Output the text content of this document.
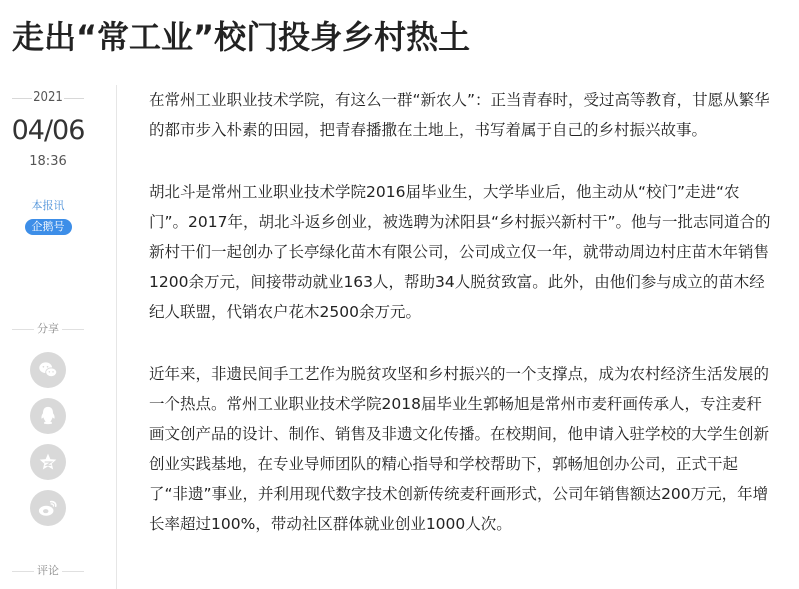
走出“常工业”校门投身乡村热土
2021
04/06
18:36
本报讯
企鹅号
分享
评论

在常州工业职业技术学院，有这么一群“新农人”：正当青春时，受过高等教育，甘愿从繁华的都市步入朴素的田园，把青春播撒在土地上，书写着属于自己的乡村振兴故事。

胡北斗是常州工业职业技术学院2016届毕业生，大学毕业后，他主动从“校门”走进“农门”。2017年，胡北斗返乡创业，被选聘为沭阳县“乡村振兴新村干”。他与一批志同道合的新村干们一起创办了长亭绿化苗木有限公司，公司成立仅一年，就带动周边村庄苗木年销售1200余万元，间接带动就业163人，帮助34人脱贫致富。此外，由他们参与成立的苗木经纪人联盟，代销农户花木2500余万元。

近年来，非遗民间手工艺作为脱贫攻坚和乡村振兴的一个支撑点，成为农村经济生活发展的一个热点。常州工业职业技术学院2018届毕业生郭畅旭是常州市麦秆画传承人，专注麦秆画文创产品的设计、制作、销售及非遗文化传播。在校期间，他申请入驻学校的大学生创新创业实践基地，在专业导师团队的精心指导和学校帮助下，郭畅旭创办公司，正式干起了“非遗”事业，并利用现代数字技术创新传统麦秆画形式，公司年销售额达200万元，年增长率超过100%，带动社区群体就业创业1000人次。
